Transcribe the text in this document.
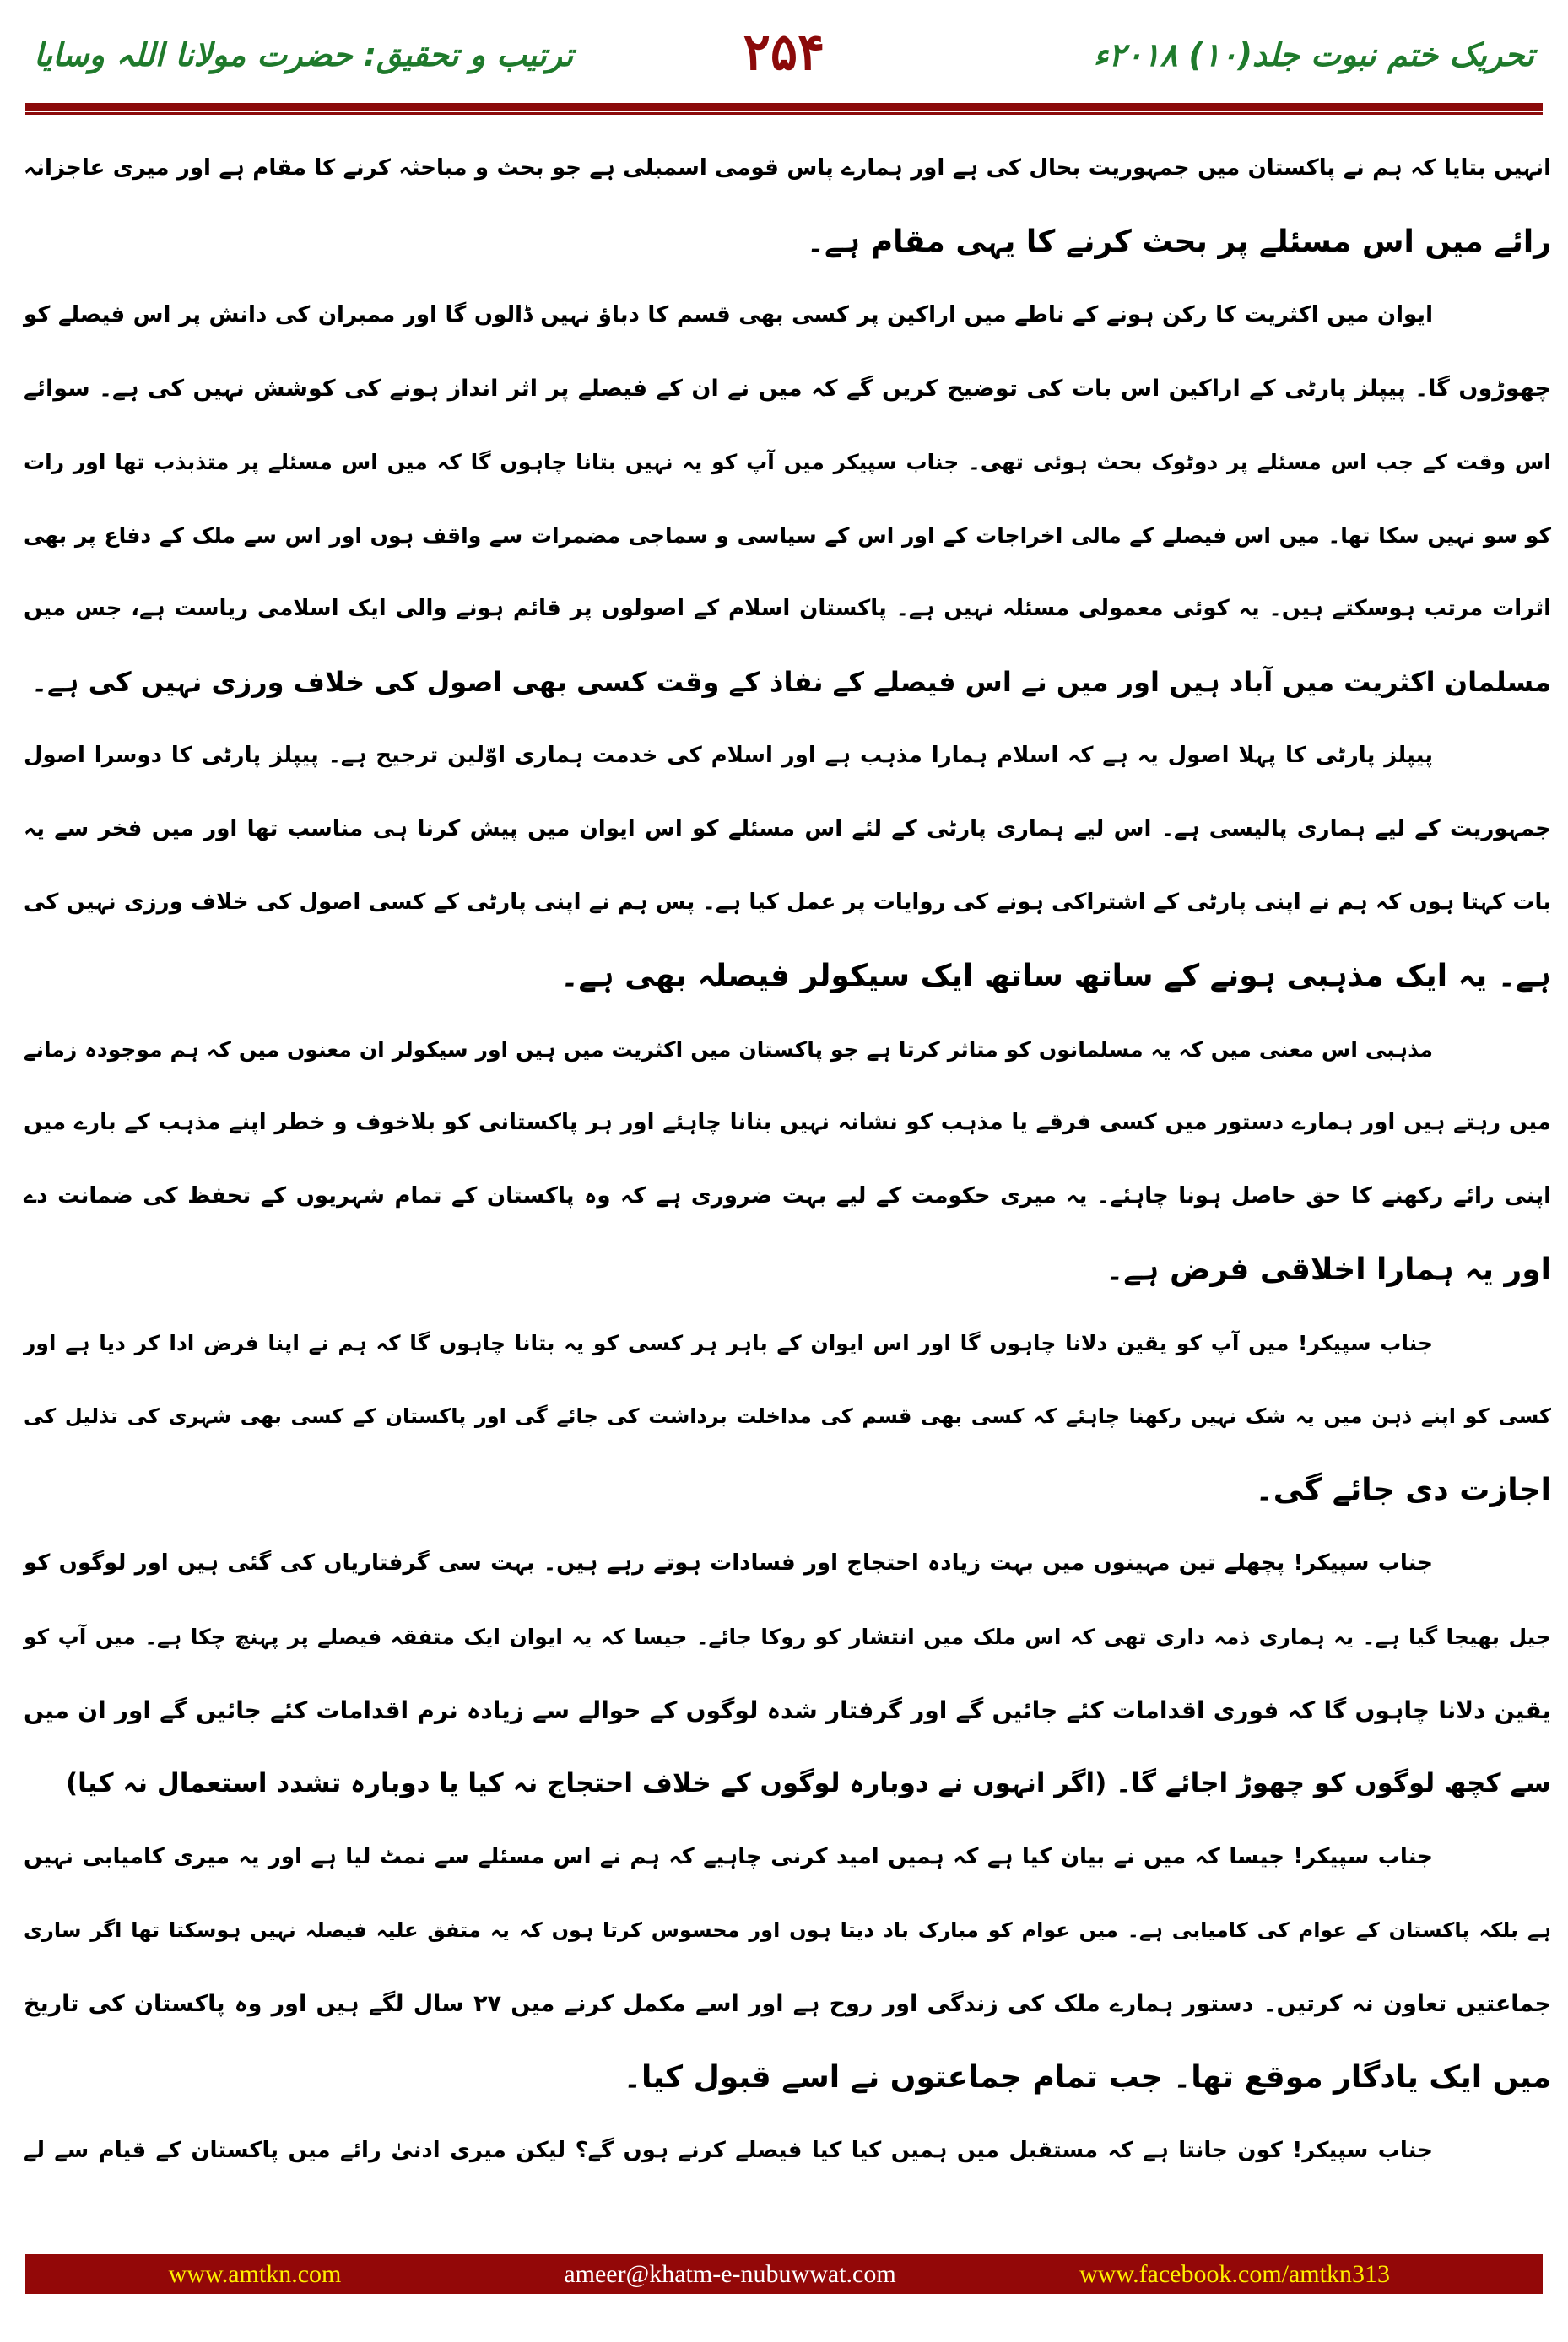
تحریک ختم نبوت جلد(۱۰) ۲۰۱۸ء
۲۵۴
ترتیب و تحقیق: حضرت مولانا اللہ وسایا
انہیں بتایا کہ ہم نے پاکستان میں جمہوریت بحال کی ہے اور ہمارے پاس قومی اسمبلی ہے جو بحث و مباحثہ کرنے کا مقام ہے اور میری عاجزانہ
رائے میں اس مسئلے پر بحث کرنے کا یہی مقام ہے۔
ایوان میں اکثریت کا رکن ہونے کے ناطے میں اراکین پر کسی بھی قسم کا دباؤ نہیں ڈالوں گا اور ممبران کی دانش پر اس فیصلے کو
چھوڑوں گا۔ پیپلز پارٹی کے اراکین اس بات کی توضیح کریں گے کہ میں نے ان کے فیصلے پر اثر انداز ہونے کی کوشش نہیں کی ہے۔ سوائے
اس وقت کے جب اس مسئلے پر دوٹوک بحث ہوئی تھی۔ جناب سپیکر میں آپ کو یہ نہیں بتانا چاہوں گا کہ میں اس مسئلے پر متذبذب تھا اور رات
کو سو نہیں سکا تھا۔ میں اس فیصلے کے مالی اخراجات کے اور اس کے سیاسی و سماجی مضمرات سے واقف ہوں اور اس سے ملک کے دفاع پر بھی
اثرات مرتب ہوسکتے ہیں۔ یہ کوئی معمولی مسئلہ نہیں ہے۔ پاکستان اسلام کے اصولوں پر قائم ہونے والی ایک اسلامی ریاست ہے، جس میں
مسلمان اکثریت میں آباد ہیں اور میں نے اس فیصلے کے نفاذ کے وقت کسی بھی اصول کی خلاف ورزی نہیں کی ہے۔
پیپلز پارٹی کا پہلا اصول یہ ہے کہ اسلام ہمارا مذہب ہے اور اسلام کی خدمت ہماری اوّلین ترجیح ہے۔ پیپلز پارٹی کا دوسرا اصول
جمہوریت کے لیے ہماری پالیسی ہے۔ اس لیے ہماری پارٹی کے لئے اس مسئلے کو اس ایوان میں پیش کرنا ہی مناسب تھا اور میں فخر سے یہ
بات کہتا ہوں کہ ہم نے اپنی پارٹی کے اشتراکی ہونے کی روایات پر عمل کیا ہے۔ پس ہم نے اپنی پارٹی کے کسی اصول کی خلاف ورزی نہیں کی
ہے۔ یہ ایک مذہبی ہونے کے ساتھ ساتھ ایک سیکولر فیصلہ بھی ہے۔
مذہبی اس معنی میں کہ یہ مسلمانوں کو متاثر کرتا ہے جو پاکستان میں اکثریت میں ہیں اور سیکولر ان معنوں میں کہ ہم موجودہ زمانے
میں رہتے ہیں اور ہمارے دستور میں کسی فرقے یا مذہب کو نشانہ نہیں بنانا چاہئے اور ہر پاکستانی کو بلاخوف و خطر اپنے مذہب کے بارے میں
اپنی رائے رکھنے کا حق حاصل ہونا چاہئے۔ یہ میری حکومت کے لیے بہت ضروری ہے کہ وہ پاکستان کے تمام شہریوں کے تحفظ کی ضمانت دے
اور یہ ہمارا اخلاقی فرض ہے۔
جناب سپیکر! میں آپ کو یقین دلانا چاہوں گا اور اس ایوان کے باہر ہر کسی کو یہ بتانا چاہوں گا کہ ہم نے اپنا فرض ادا کر دیا ہے اور
کسی کو اپنے ذہن میں یہ شک نہیں رکھنا چاہئے کہ کسی بھی قسم کی مداخلت برداشت کی جائے گی اور پاکستان کے کسی بھی شہری کی تذلیل کی
اجازت دی جائے گی۔
جناب سپیکر! پچھلے تین مہینوں میں بہت زیادہ احتجاج اور فسادات ہوتے رہے ہیں۔ بہت سی گرفتاریاں کی گئی ہیں اور لوگوں کو
جیل بھیجا گیا ہے۔ یہ ہماری ذمہ داری تھی کہ اس ملک میں انتشار کو روکا جائے۔ جیسا کہ یہ ایوان ایک متفقہ فیصلے پر پہنچ چکا ہے۔ میں آپ کو
یقین دلانا چاہوں گا کہ فوری اقدامات کئے جائیں گے اور گرفتار شدہ لوگوں کے حوالے سے زیادہ نرم اقدامات کئے جائیں گے اور ان میں
سے کچھ لوگوں کو چھوڑ اجائے گا۔ (اگر انہوں نے دوبارہ لوگوں کے خلاف احتجاج نہ کیا یا دوبارہ تشدد استعمال نہ کیا)
جناب سپیکر! جیسا کہ میں نے بیان کیا ہے کہ ہمیں امید کرنی چاہیے کہ ہم نے اس مسئلے سے نمٹ لیا ہے اور یہ میری کامیابی نہیں
ہے بلکہ پاکستان کے عوام کی کامیابی ہے۔ میں عوام کو مبارک باد دیتا ہوں اور محسوس کرتا ہوں کہ یہ متفق علیہ فیصلہ نہیں ہوسکتا تھا اگر ساری
جماعتیں تعاون نہ کرتیں۔ دستور ہمارے ملک کی زندگی اور روح ہے اور اسے مکمل کرنے میں ۲۷ سال لگے ہیں اور وہ پاکستان کی تاریخ
میں ایک یادگار موقع تھا۔ جب تمام جماعتوں نے اسے قبول کیا۔
جناب سپیکر! کون جانتا ہے کہ مستقبل میں ہمیں کیا کیا فیصلے کرنے ہوں گے؟ لیکن میری ادنیٰ رائے میں پاکستان کے قیام سے لے
www.amtkn.com	ameer@khatm-e-nubuwwat.com	www.facebook.com/amtkn313
